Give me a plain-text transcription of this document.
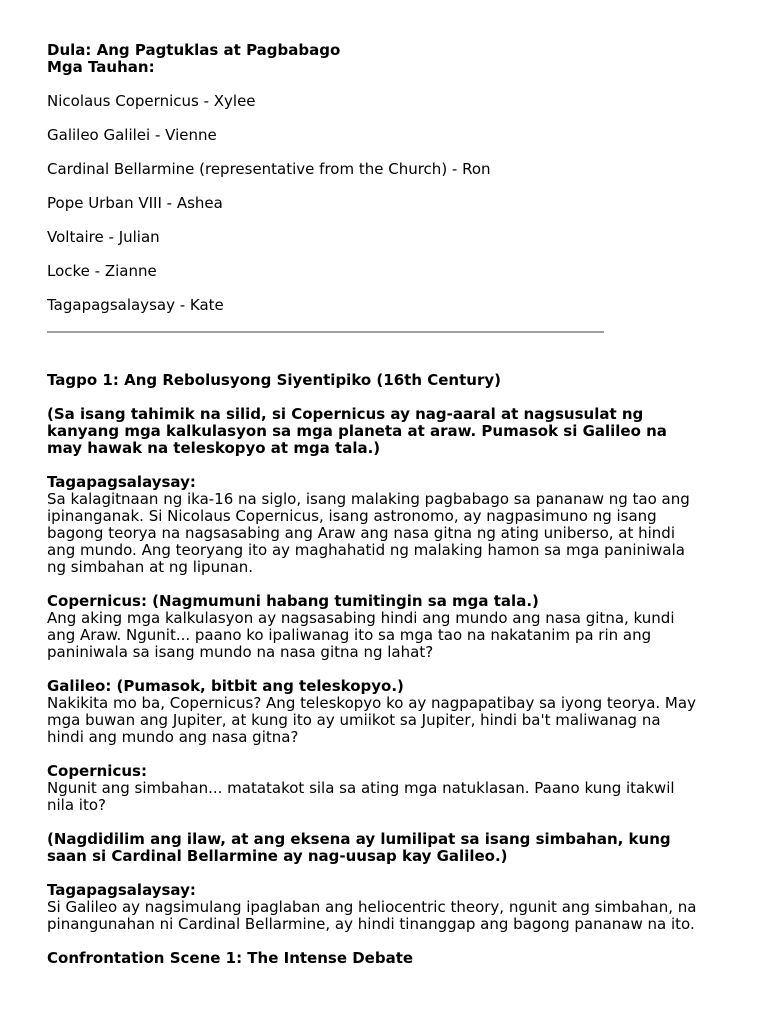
Dula: Ang Pagtuklas at Pagbabago

Mga Tauhan:

Nicolaus Copernicus - Xylee

Galileo Galilei - Vienne

Cardinal Bellarmine (representative from the Church) - Ron

Pope Urban VIII - Ashea

Voltaire - Julian

Locke - Zianne

Tagapagsalaysay - Kate

Tagpo 1: Ang Rebolusyong Siyentipiko (16th Century)

(Sa isang tahimik na silid, si Copernicus ay nag-aaral at nagsusulat ng

kanyang mga kalkulasyon sa mga planeta at araw. Pumasok si Galileo na

may hawak na teleskopyo at mga tala.)

Tagapagsalaysay:

Sa kalagitnaan ng ika-16 na siglo, isang malaking pagbabago sa pananaw ng tao ang

ipinanganak. Si Nicolaus Copernicus, isang astronomo, ay nagpasimuno ng isang

bagong teorya na nagsasabing ang Araw ang nasa gitna ng ating uniberso, at hindi

ang mundo. Ang teoryang ito ay maghahatid ng malaking hamon sa mga paniniwala

ng simbahan at ng lipunan.

Copernicus: (Nagmumuni habang tumitingin sa mga tala.)

Ang aking mga kalkulasyon ay nagsasabing hindi ang mundo ang nasa gitna, kundi

ang Araw. Ngunit... paano ko ipaliwanag ito sa mga tao na nakatanim pa rin ang

paniniwala sa isang mundo na nasa gitna ng lahat?

Galileo: (Pumasok, bitbit ang teleskopyo.)

Nakikita mo ba, Copernicus? Ang teleskopyo ko ay nagpapatibay sa iyong teorya. May

mga buwan ang Jupiter, at kung ito ay umiikot sa Jupiter, hindi ba't maliwanag na

hindi ang mundo ang nasa gitna?

Copernicus:

Ngunit ang simbahan... matatakot sila sa ating mga natuklasan. Paano kung itakwil

nila ito?

(Nagdidilim ang ilaw, at ang eksena ay lumilipat sa isang simbahan, kung

saan si Cardinal Bellarmine ay nag-uusap kay Galileo.)

Tagapagsalaysay:

Si Galileo ay nagsimulang ipaglaban ang heliocentric theory, ngunit ang simbahan, na

pinangunahan ni Cardinal Bellarmine, ay hindi tinanggap ang bagong pananaw na ito.

Confrontation Scene 1: The Intense Debate
